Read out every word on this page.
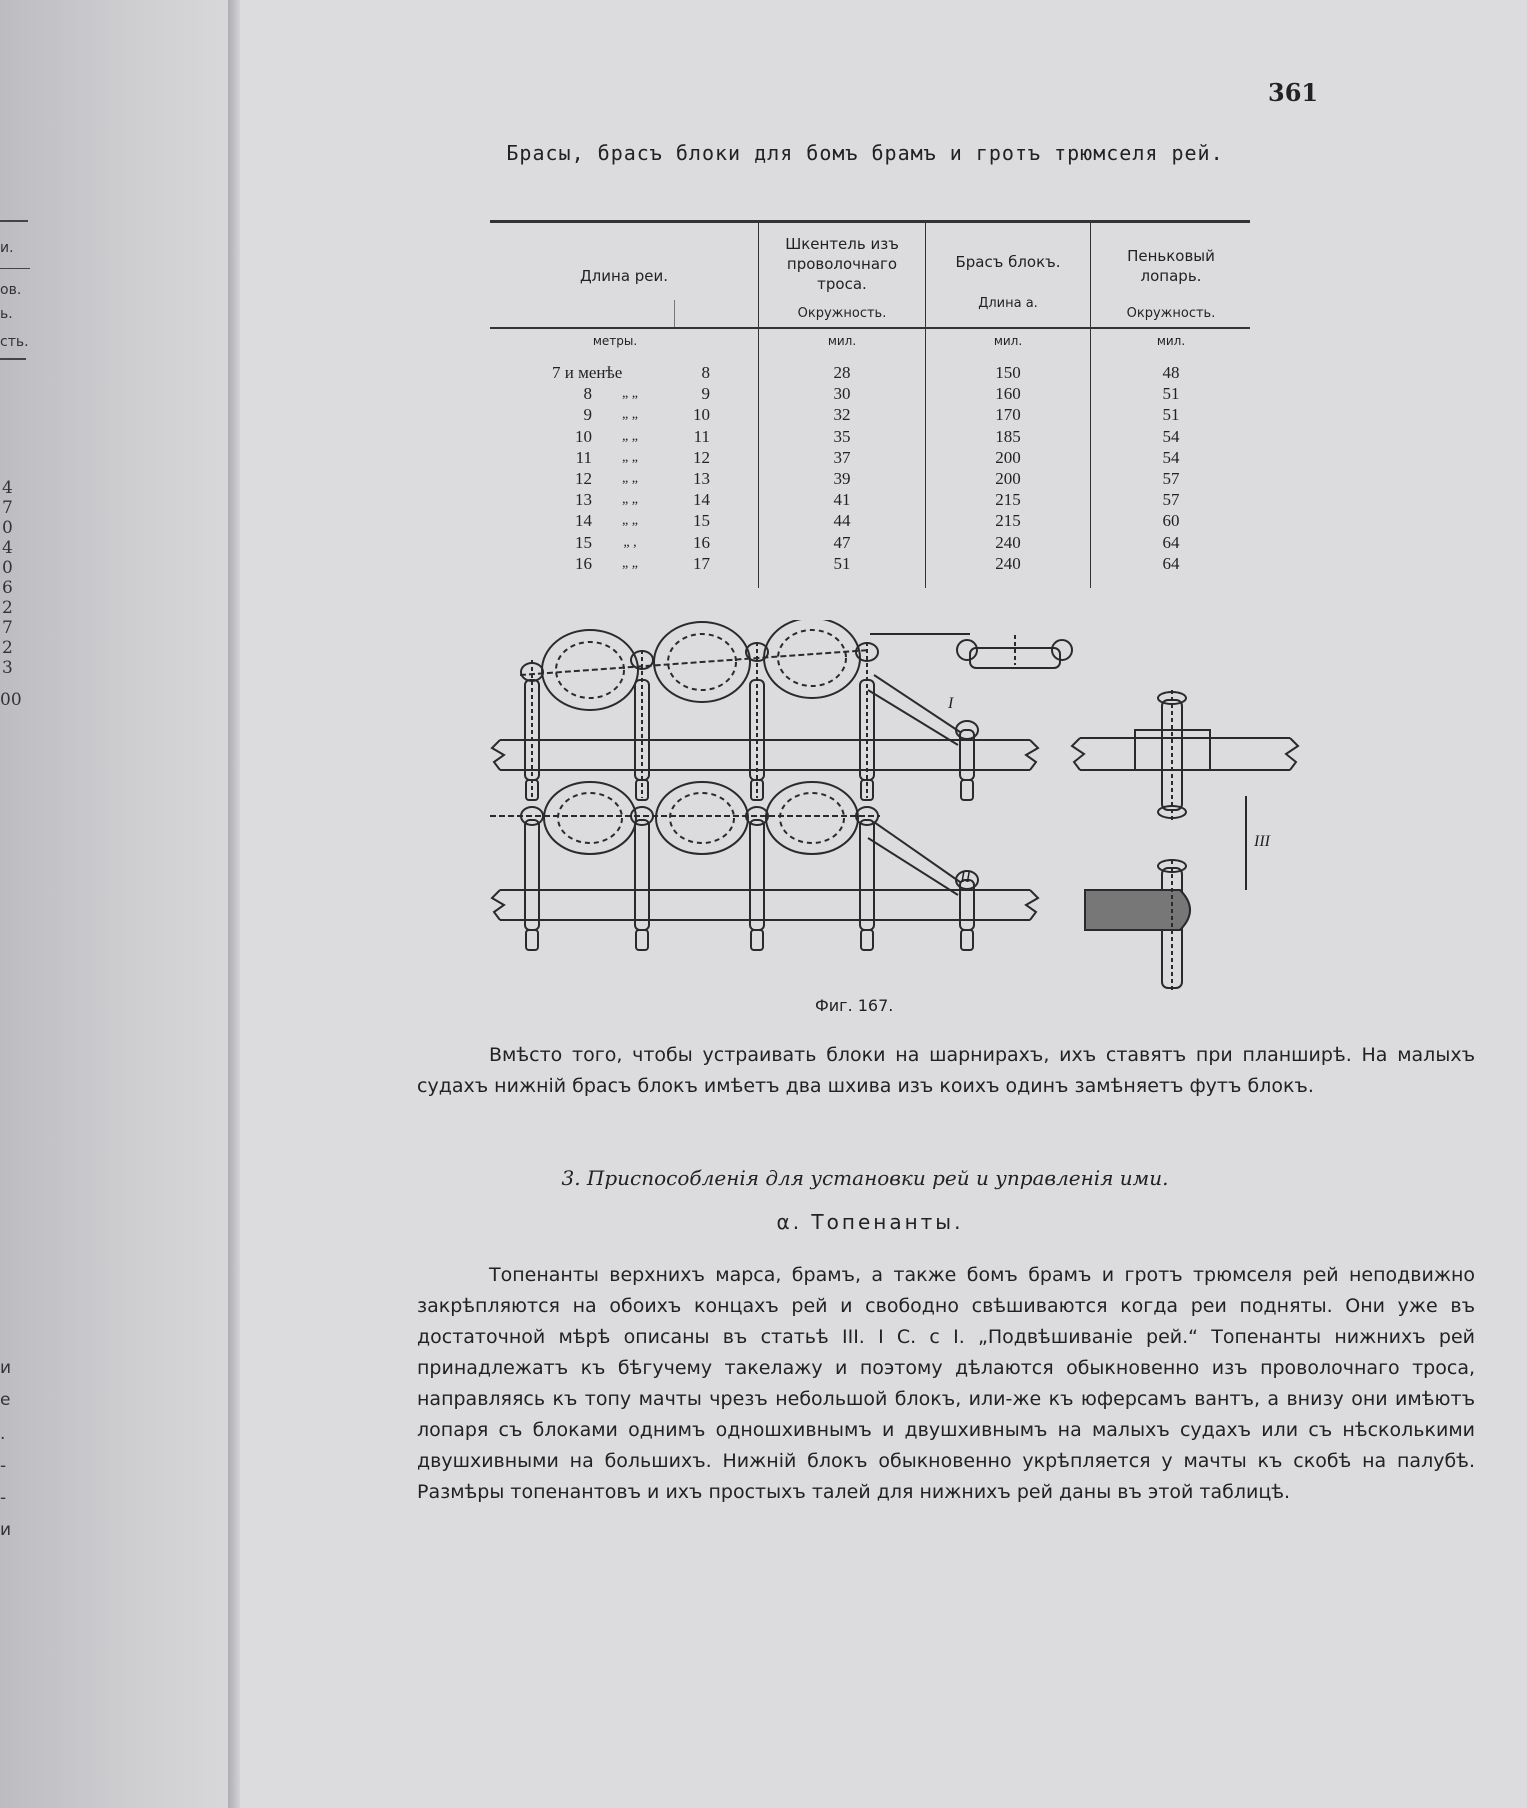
и.
ов.
ь.
сть.
4
7
0
4
0
6
2
7
2
3
00
и
е
.
-
-
и
361
Брасы, брасъ блоки для бомъ брамъ и гротъ трюмселя рей.
Длина реи.
Шкентель изъ проволочнаго троса.
Окружность.
Брасъ блокъ.
Длина а.
Пеньковый лопарь.
Окружность.
метры.	мил.	мил.	мил.
7 и менѣе	8	28	150	48
8	„ „	9	30	160	51
9	„ „	10	32	170	51
10	„ „	11	35	185	54
11	„ „	12	37	200	54
12	„ „	13	39	200	57
13	„ „	14	41	215	57
14	„ „	15	44	215	60
15	„ ,	16	47	240	64
16	„ „	17	51	240	64
I
II
III
Фиг. 167.
Вмѣсто того, чтобы устраивать блоки на шарнирахъ, ихъ ставятъ при планширѣ. На малыхъ судахъ нижній брасъ блокъ имѣетъ два шхива изъ коихъ одинъ замѣняетъ футъ блокъ.
3. Приспособленія для установки рей и управленія ими.
α. Топенанты.
Топенанты верхнихъ марса, брамъ, а также бомъ брамъ и гротъ трюмселя рей неподвижно закрѣпляются на обоихъ концахъ рей и свободно свѣшиваются когда реи подняты. Они уже въ достаточной мѣрѣ описаны въ статьѣ III. I С. с I. „Подвѣшиваніе рей.“ Топенанты нижнихъ рей принадлежатъ къ бѣгучему такелажу и поэтому дѣлаются обыкновенно изъ проволочнаго троса, направляясь къ топу мачты чрезъ небольшой блокъ, или-же къ юферсамъ вантъ, а внизу они имѣютъ лопаря съ блоками однимъ одношхивнымъ и двушхивнымъ на малыхъ судахъ или съ нѣсколькими двушхивными на большихъ. Нижній блокъ обыкновенно укрѣпляется у мачты къ скобѣ на палубѣ. Размѣры топенантовъ и ихъ простыхъ талей для нижнихъ рей даны въ этой таблицѣ.
